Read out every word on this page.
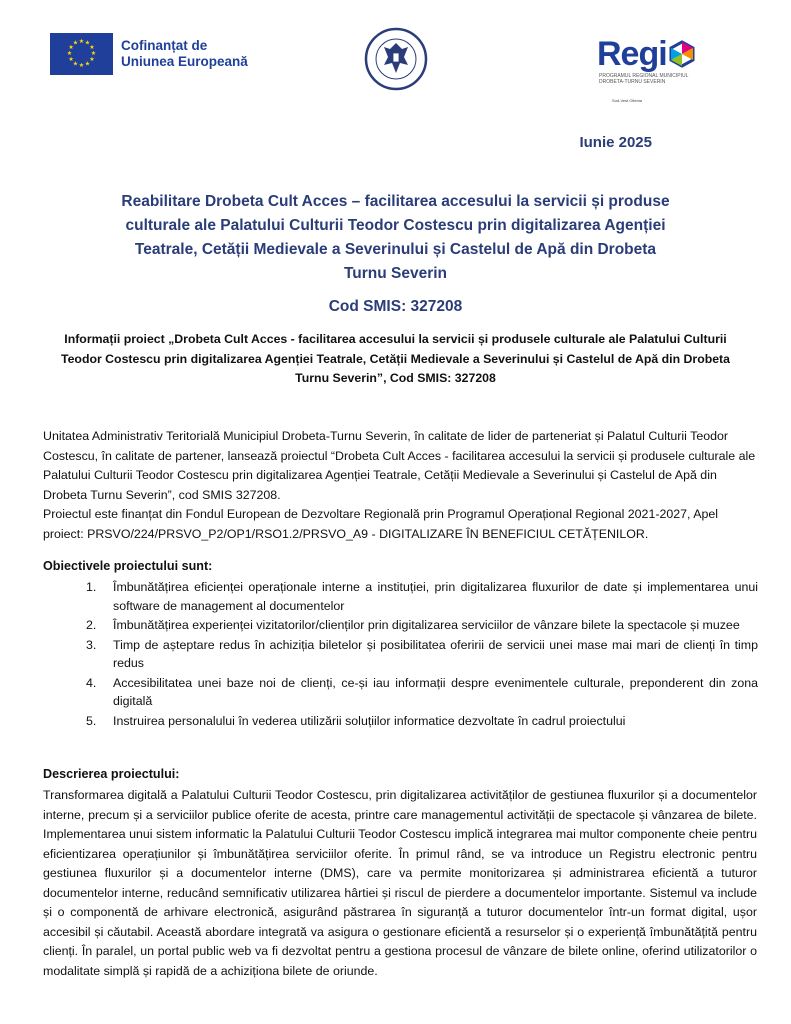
★ ★
★
★
★
★
★
★
★
★
★
★	Cofinanțat de
Uniunea Europeană	Regi
PROGRAMUL REGIONAL MUNICIPIUL DROBETA-TURNU SEVERIN
Sud-Vest Oltenia
Iunie 2025
Reabilitare Drobeta Cult Acces – facilitarea accesului la servicii și produse culturale ale Palatului Culturii Teodor Costescu prin digitalizarea Agenției Teatrale, Cetății Medievale a Severinului și Castelul de Apă din Drobeta Turnu Severin
Cod SMIS: 327208
Informații proiect „Drobeta Cult Acces - facilitarea accesului la servicii și produsele culturale ale Palatului Culturii Teodor Costescu prin digitalizarea Agenției Teatrale, Cetății Medievale a Severinului și Castelul de Apă din Drobeta Turnu Severin”, Cod SMIS: 327208

Unitatea Administrativ Teritorială Municipiul Drobeta-Turnu Severin, în calitate de lider de parteneriat și Palatul Culturii Teodor Costescu, în calitate de partener, lansează proiectul “Drobeta Cult Acces - facilitarea accesului la servicii și produsele culturale ale Palatului Culturii Teodor Costescu prin digitalizarea Agenției Teatrale, Cetății Medievale a Severinului și Castelul de Apă din Drobeta Turnu Severin”, cod SMIS 327208.

Proiectul este finanțat din Fondul European de Dezvoltare Regională prin Programul Operațional Regional 2021-2027, Apel proiect: PRSVO/224/PRSVO_P2/OP1/RSO1.2/PRSVO_A9 - DIGITALIZARE ÎN BENEFICIUL CETĂȚENILOR.

Obiectivele proiectului sunt:
1. Îmbunătățirea eficienței operaționale interne a instituției, prin digitalizarea fluxurilor de date și implementarea unui software de management al documentelor
2. Îmbunătățirea experienței vizitatorilor/clienților prin digitalizarea serviciilor de vânzare bilete la spectacole și muzee
3. Timp de așteptare redus în achiziția biletelor și posibilitatea oferirii de servicii unei mase mai mari de clienți în timp redus
4. Accesibilitatea unei baze noi de clienți, ce-și iau informații despre evenimentele culturale, preponderent din zona digitală
5. Instruirea personalului în vederea utilizării soluțiilor informatice dezvoltate în cadrul proiectului
Descrierea proiectului:

Transformarea digitală a Palatului Culturii Teodor Costescu, prin digitalizarea activităților de gestiunea fluxurilor și a documentelor interne, precum și a serviciilor publice oferite de acesta, printre care managementul activității de spectacole și vânzarea de bilete. Implementarea unui sistem informatic la Palatului Culturii Teodor Costescu implică integrarea mai multor componente cheie pentru eficientizarea operațiunilor și îmbunătățirea serviciilor oferite. În primul rând, se va introduce un Registru electronic pentru gestiunea fluxurilor și a documentelor interne (DMS), care va permite monitorizarea și administrarea eficientă a tuturor documentelor interne, reducând semnificativ utilizarea hârtiei și riscul de pierdere a documentelor importante. Sistemul va include și o componentă de arhivare electronică, asigurând păstrarea în siguranță a tuturor documentelor într-un format digital, ușor accesibil și căutabil. Această abordare integrată va asigura o gestionare eficientă a resurselor și o experiență îmbunătățită pentru clienți. În paralel, un portal public web va fi dezvoltat pentru a gestiona procesul de vânzare de bilete online, oferind utilizatorilor o modalitate simplă și rapidă de a achiziționa bilete de oriunde.
